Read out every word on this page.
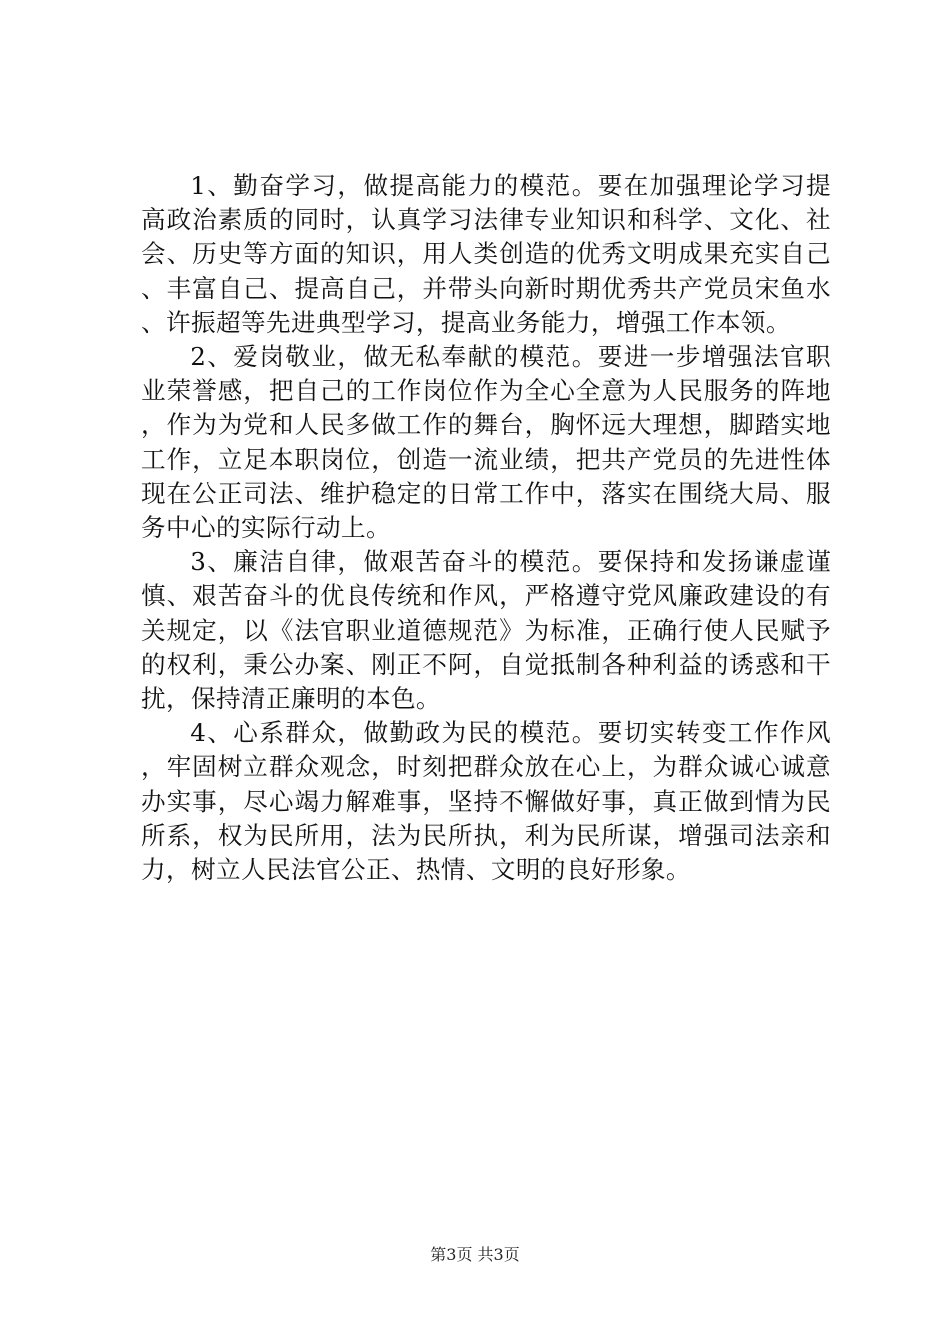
1、勤奋学习，做提高能力的模范。要在加强理论学习提高政治素质的同时，认真学习法律专业知识和科学、文化、社会、历史等方面的知识，用人类创造的优秀文明成果充实自己、丰富自己、提高自己，并带头向新时期优秀共产党员宋鱼水、许振超等先进典型学习，提高业务能力，增强工作本领。

2、爱岗敬业，做无私奉献的模范。要进一步增强法官职业荣誉感，把自己的工作岗位作为全心全意为人民服务的阵地，作为为党和人民多做工作的舞台，胸怀远大理想，脚踏实地工作，立足本职岗位，创造一流业绩，把共产党员的先进性体现在公正司法、维护稳定的日常工作中，落实在围绕大局、服务中心的实际行动上。

3、廉洁自律，做艰苦奋斗的模范。要保持和发扬谦虚谨慎、艰苦奋斗的优良传统和作风，严格遵守党风廉政建设的有关规定，以《法官职业道德规范》为标准，正确行使人民赋予的权利，秉公办案、刚正不阿，自觉抵制各种利益的诱惑和干扰，保持清正廉明的本色。

4、心系群众，做勤政为民的模范。要切实转变工作作风，牢固树立群众观念，时刻把群众放在心上，为群众诚心诚意办实事，尽心竭力解难事，坚持不懈做好事，真正做到情为民所系，权为民所用，法为民所执，利为民所谋，增强司法亲和力，树立人民法官公正、热情、文明的良好形象。

第3页 共3页
